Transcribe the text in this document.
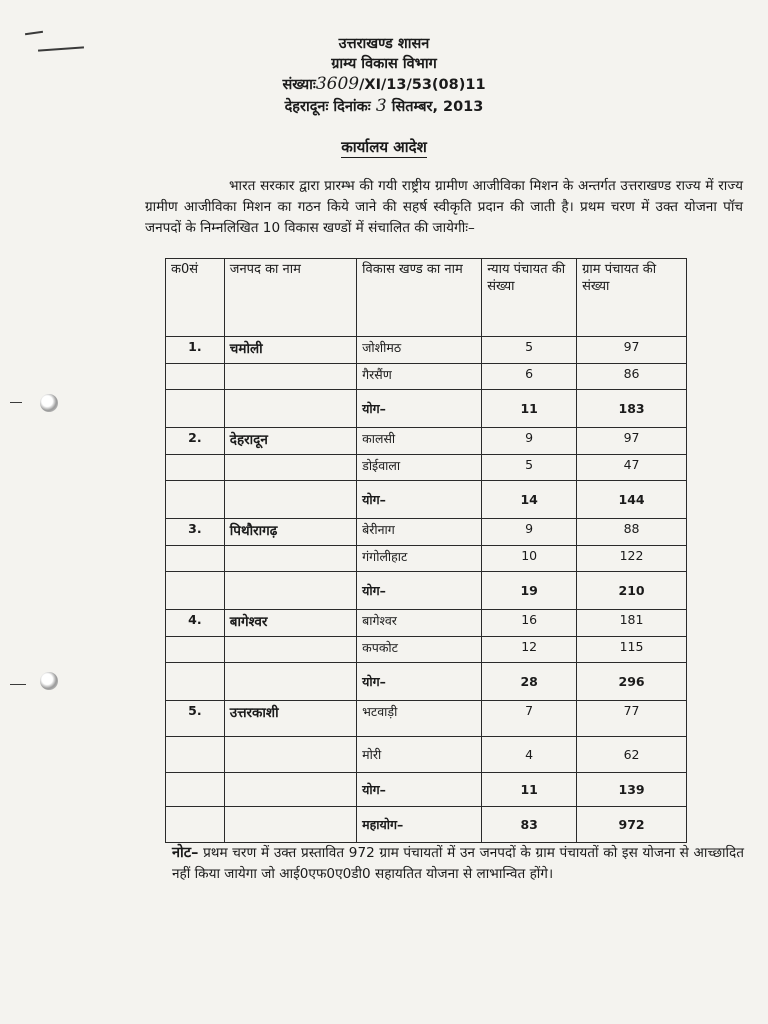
उत्तराखण्ड शासन
ग्राम्य विकास विभाग
संख्याः3609/XI/13/53(08)11
देहरादूनः दिनांकः 3 सितम्बर, 2013
कार्यालय आदेश
भारत सरकार द्वारा प्रारम्भ की गयी राष्ट्रीय ग्रामीण आजीविका मिशन के अन्तर्गत उत्तराखण्ड राज्य में राज्य ग्रामीण आजीविका मिशन का गठन किये जाने की सहर्ष स्वीकृति प्रदान की जाती है। प्रथम चरण में उक्त योजना पॉच जनपदों के निम्नलिखित 10 विकास खण्डों में संचालित की जायेगीः–
क0सं	जनपद का नाम	विकास खण्ड का नाम	न्याय पंचायत की संख्या	ग्राम पंचायत की संख्या
1.	चमोली	जोशीमठ	5	97
		गैरसैंण	6	86
		योग–	11	183
2.	देहरादून	कालसी	9	97
		डोईवाला	5	47
		योग–	14	144
3.	पिथौरागढ़	बेरीनाग	9	88
		गंगोलीहाट	10	122
		योग–	19	210
4.	बागेश्वर	बागेश्वर	16	181
		कपकोट	12	115
		योग–	28	296
5.	उत्तरकाशी	भटवाड़ी	7	77
		मोरी	4	62
		योग–	11	139
		महायोग–	83	972
नोट– प्रथम चरण में उक्त प्रस्तावित 972 ग्राम पंचायतों में उन जनपदों के ग्राम पंचायतों को इस योजना से आच्छादित नहीं किया जायेगा जो आई0एफ0ए0डी0 सहायतित योजना से लाभान्वित होंगे।
